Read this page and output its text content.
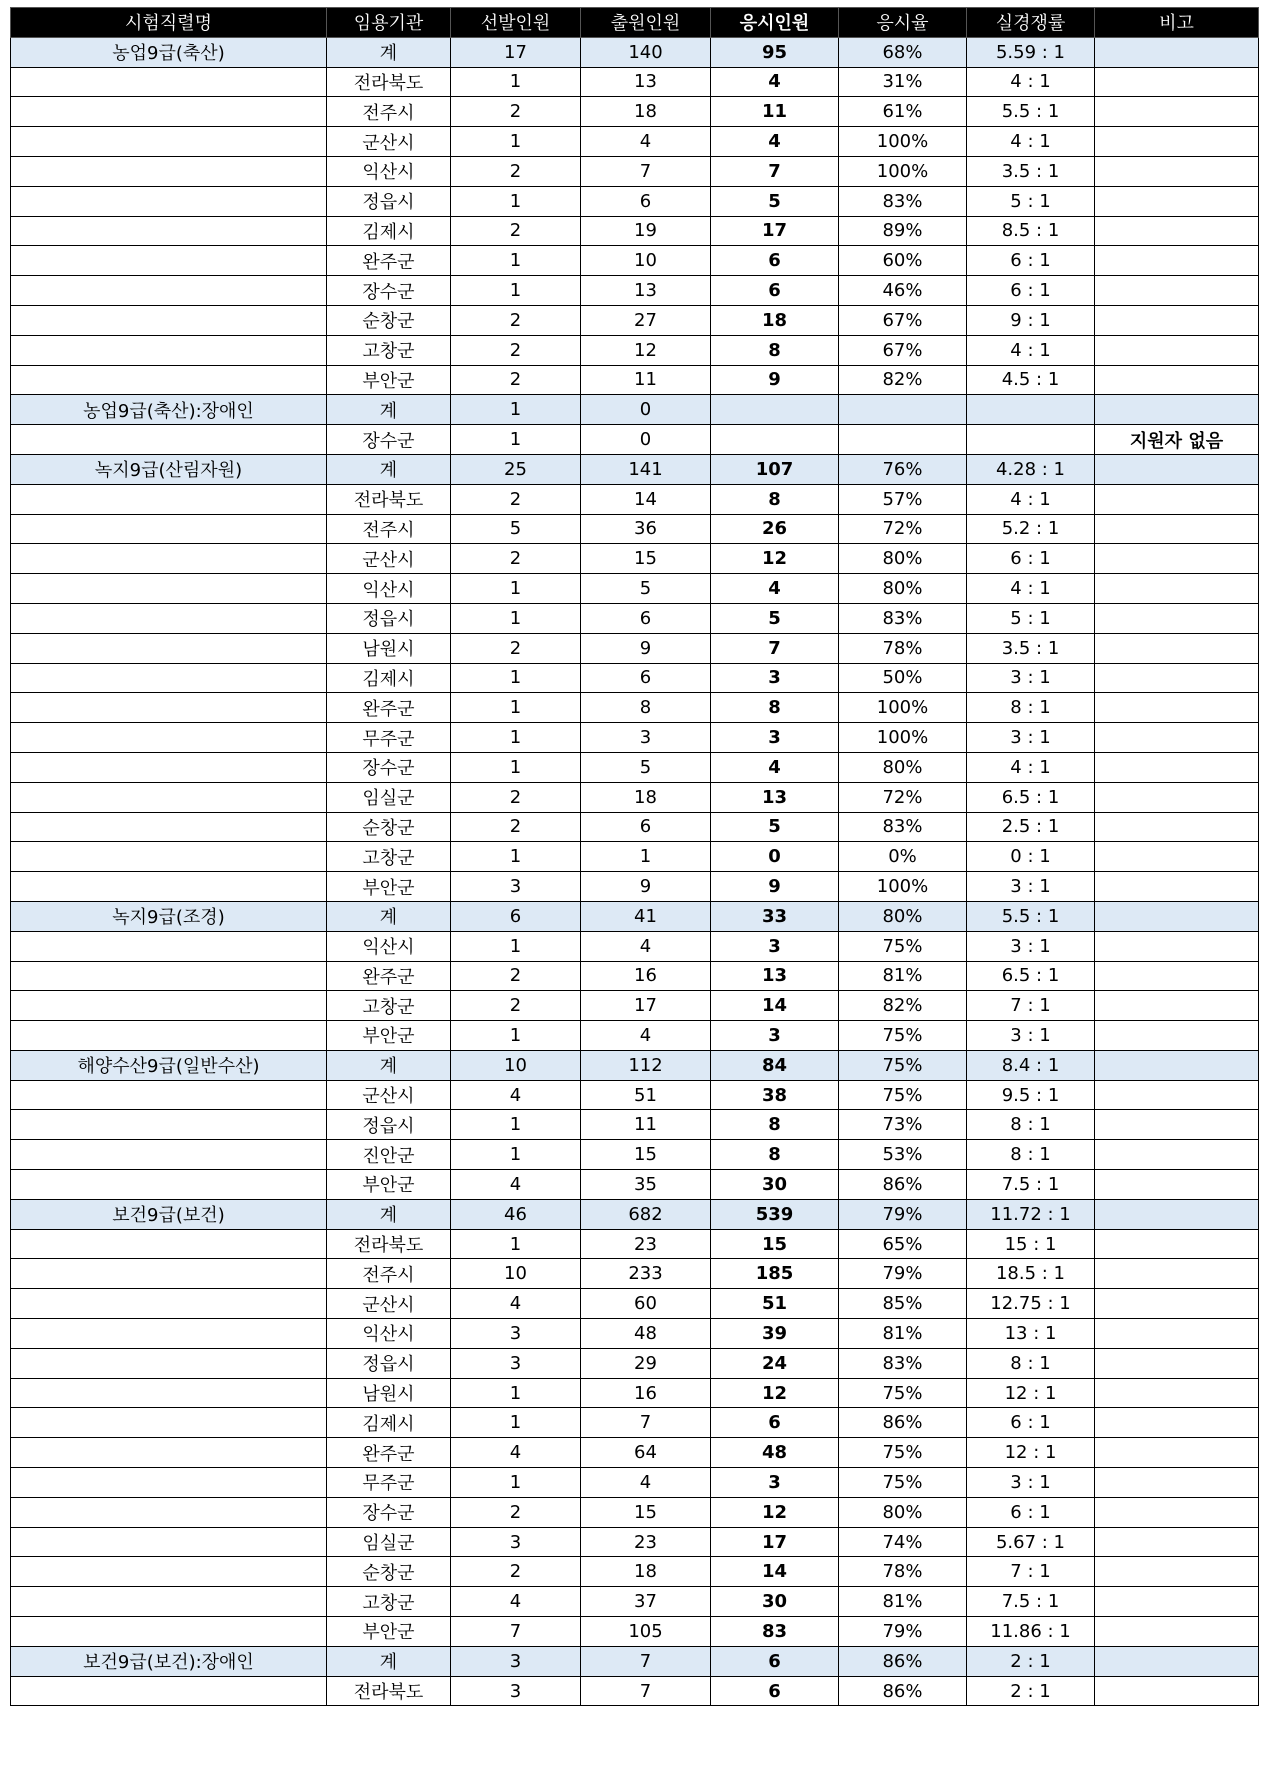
시험직렬명	임용기관	선발인원	출원인원	응시인원	응시율	실경쟁률	비고
농업9급(축산)	계	17	140	95	68%	5.59 : 1	
	전라북도	1	13	4	31%	4 : 1	
	전주시	2	18	11	61%	5.5 : 1	
	군산시	1	4	4	100%	4 : 1	
	익산시	2	7	7	100%	3.5 : 1	
	정읍시	1	6	5	83%	5 : 1	
	김제시	2	19	17	89%	8.5 : 1	
	완주군	1	10	6	60%	6 : 1	
	장수군	1	13	6	46%	6 : 1	
	순창군	2	27	18	67%	9 : 1	
	고창군	2	12	8	67%	4 : 1	
	부안군	2	11	9	82%	4.5 : 1	
농업9급(축산):장애인	계	1	0				
	장수군	1	0				지원자 없음
녹지9급(산림자원)	계	25	141	107	76%	4.28 : 1	
	전라북도	2	14	8	57%	4 : 1	
	전주시	5	36	26	72%	5.2 : 1	
	군산시	2	15	12	80%	6 : 1	
	익산시	1	5	4	80%	4 : 1	
	정읍시	1	6	5	83%	5 : 1	
	남원시	2	9	7	78%	3.5 : 1	
	김제시	1	6	3	50%	3 : 1	
	완주군	1	8	8	100%	8 : 1	
	무주군	1	3	3	100%	3 : 1	
	장수군	1	5	4	80%	4 : 1	
	임실군	2	18	13	72%	6.5 : 1	
	순창군	2	6	5	83%	2.5 : 1	
	고창군	1	1	0	0%	0 : 1	
	부안군	3	9	9	100%	3 : 1	
녹지9급(조경)	계	6	41	33	80%	5.5 : 1	
	익산시	1	4	3	75%	3 : 1	
	완주군	2	16	13	81%	6.5 : 1	
	고창군	2	17	14	82%	7 : 1	
	부안군	1	4	3	75%	3 : 1	
해양수산9급(일반수산)	계	10	112	84	75%	8.4 : 1	
	군산시	4	51	38	75%	9.5 : 1	
	정읍시	1	11	8	73%	8 : 1	
	진안군	1	15	8	53%	8 : 1	
	부안군	4	35	30	86%	7.5 : 1	
보건9급(보건)	계	46	682	539	79%	11.72 : 1	
	전라북도	1	23	15	65%	15 : 1	
	전주시	10	233	185	79%	18.5 : 1	
	군산시	4	60	51	85%	12.75 : 1	
	익산시	3	48	39	81%	13 : 1	
	정읍시	3	29	24	83%	8 : 1	
	남원시	1	16	12	75%	12 : 1	
	김제시	1	7	6	86%	6 : 1	
	완주군	4	64	48	75%	12 : 1	
	무주군	1	4	3	75%	3 : 1	
	장수군	2	15	12	80%	6 : 1	
	임실군	3	23	17	74%	5.67 : 1	
	순창군	2	18	14	78%	7 : 1	
	고창군	4	37	30	81%	7.5 : 1	
	부안군	7	105	83	79%	11.86 : 1	
보건9급(보건):장애인	계	3	7	6	86%	2 : 1	
	전라북도	3	7	6	86%	2 : 1	
